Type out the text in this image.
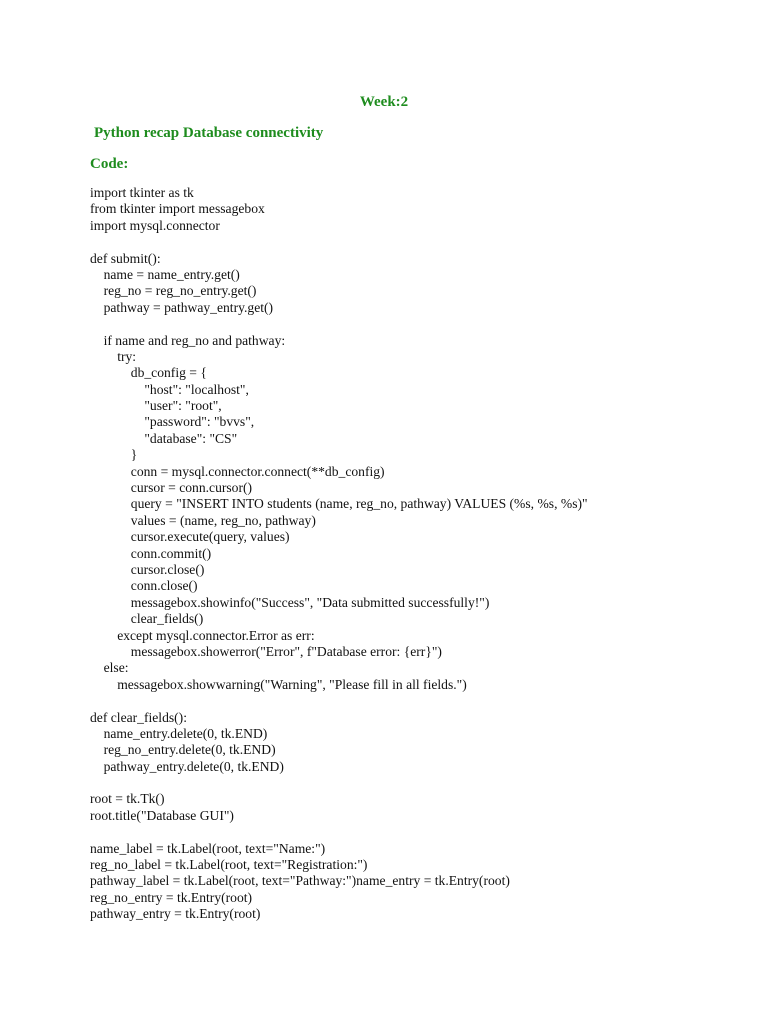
Week:2
Python recap Database connectivity
Code:
import tkinter as tk
from tkinter import messagebox
import mysql.connector
def submit():
name = name_entry.get()
reg_no = reg_no_entry.get()
pathway = pathway_entry.get()
if name and reg_no and pathway:
try:
db_config = {
"host": "localhost",
"user": "root",
"password": "bvvs",
"database": "CS"
}
conn = mysql.connector.connect(**db_config)
cursor = conn.cursor()
query = "INSERT INTO students (name, reg_no, pathway) VALUES (%s, %s, %s)"
values = (name, reg_no, pathway)
cursor.execute(query, values)
conn.commit()
cursor.close()
conn.close()
messagebox.showinfo("Success", "Data submitted successfully!")
clear_fields()
except mysql.connector.Error as err:
messagebox.showerror("Error", f"Database error: {err}")
else:
messagebox.showwarning("Warning", "Please fill in all fields.")
def clear_fields():
name_entry.delete(0, tk.END)
reg_no_entry.delete(0, tk.END)
pathway_entry.delete(0, tk.END)
root = tk.Tk()
root.title("Database GUI")
name_label = tk.Label(root, text="Name:")
reg_no_label = tk.Label(root, text="Registration:")
pathway_label = tk.Label(root, text="Pathway:")name_entry = tk.Entry(root)
reg_no_entry = tk.Entry(root)
pathway_entry = tk.Entry(root)
